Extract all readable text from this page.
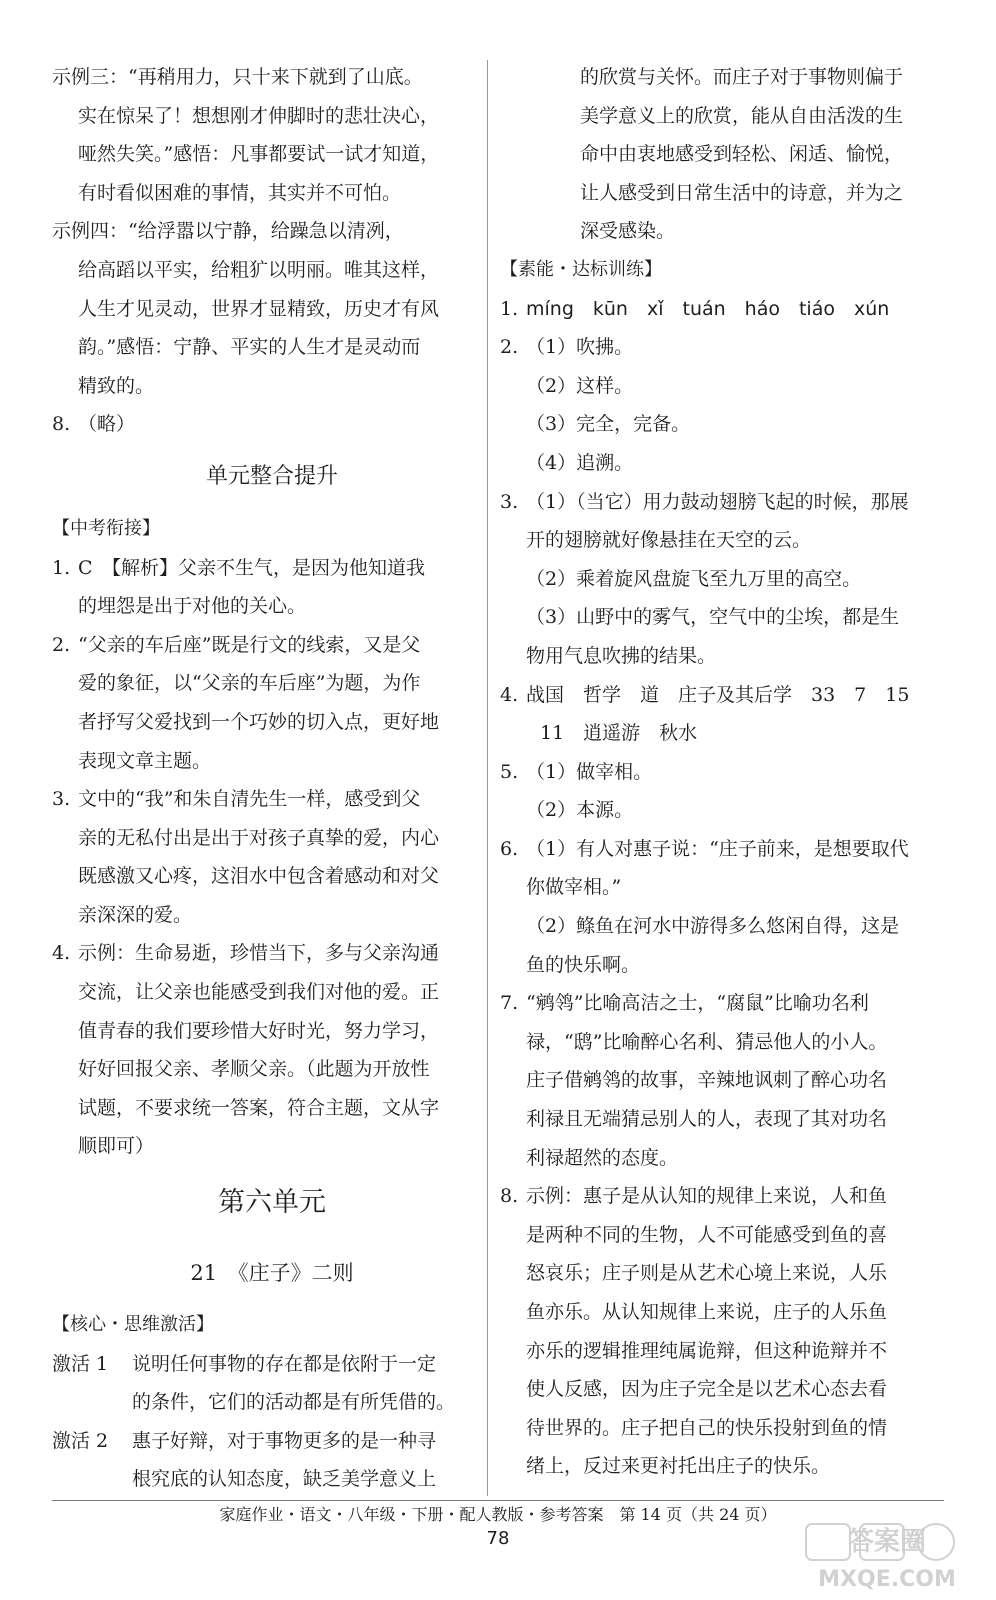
示例三：“再稍用力，只十来下就到了山底。
实在惊呆了！想想刚才伸脚时的悲壮决心，
哑然失笑。”感悟：凡事都要试一试才知道，
有时看似困难的事情，其实并不可怕。
示例四：“给浮嚣以宁静，给躁急以清冽，
给高蹈以平实，给粗犷以明丽。唯其这样，
人生才见灵动，世界才显精致，历史才有风
韵。”感悟：宁静、平实的人生才是灵动而
精致的。
8. （略）
单元整合提升
【中考衔接】
1. C　【解析】父亲不生气，是因为他知道我
的埋怨是出于对他的关心。
2. “父亲的车后座”既是行文的线索，又是父
爱的象征，以“父亲的车后座”为题，为作
者抒写父爱找到一个巧妙的切入点，更好地
表现文章主题。
3. 文中的“我”和朱自清先生一样，感受到父
亲的无私付出是出于对孩子真挚的爱，内心
既感激又心疼，这泪水中包含着感动和对父
亲深深的爱。
4. 示例：生命易逝，珍惜当下，多与父亲沟通
交流，让父亲也能感受到我们对他的爱。正
值青春的我们要珍惜大好时光，努力学习，
好好回报父亲、孝顺父亲。（此题为开放性
试题，不要求统一答案，符合主题，文从字
顺即可）
第六单元
21　《庄子》二则
【核心・思维激活】
激活 1 说明任何事物的存在都是依附于一定
的条件，它们的活动都是有所凭借的。
激活 2 惠子好辩，对于事物更多的是一种寻
根究底的认知态度，缺乏美学意义上
的欣赏与关怀。而庄子对于事物则偏于
美学意义上的欣赏，能从自由活泼的生
命中由衷地感受到轻松、闲适、愉悦，
让人感受到日常生活中的诗意，并为之
深受感染。
【素能・达标训练】
1. míng　kūn　xǐ　tuán　háo　tiáo　xún
2. （1）吹拂。
（2）这样。
（3）完全，完备。
（4）追溯。
3. （1）（当它）用力鼓动翅膀飞起的时候，那展
开的翅膀就好像悬挂在天空的云。
（2）乘着旋风盘旋飞至九万里的高空。
（3）山野中的雾气，空气中的尘埃，都是生
物用气息吹拂的结果。
4. 战国　哲学　道　庄子及其后学　33　7　15
11　逍遥游　秋水
5. （1）做宰相。
（2）本源。
6. （1）有人对惠子说：“庄子前来，是想要取代
你做宰相。”
（2）鲦鱼在河水中游得多么悠闲自得，这是
鱼的快乐啊。
7. “鹓鸰”比喻高洁之士，“腐鼠”比喻功名利
禄，“鸱”比喻醉心名利、猜忌他人的小人。
庄子借鹓鸰的故事，辛辣地讽刺了醉心功名
利禄且无端猜忌别人的人，表现了其对功名
利禄超然的态度。
8. 示例：惠子是从认知的规律上来说，人和鱼
是两种不同的生物，人不可能感受到鱼的喜
怒哀乐；庄子则是从艺术心境上来说，人乐
鱼亦乐。从认知规律上来说，庄子的人乐鱼
亦乐的逻辑推理纯属诡辩，但这种诡辩并不
使人反感，因为庄子完全是以艺术心态去看
待世界的。庄子把自己的快乐投射到鱼的情
绪上，反过来更衬托出庄子的快乐。
家庭作业・语文・八年级・下册・配人教版・参考答案　第 14 页（共 24 页）
78	答案圈
MXQE.COM
